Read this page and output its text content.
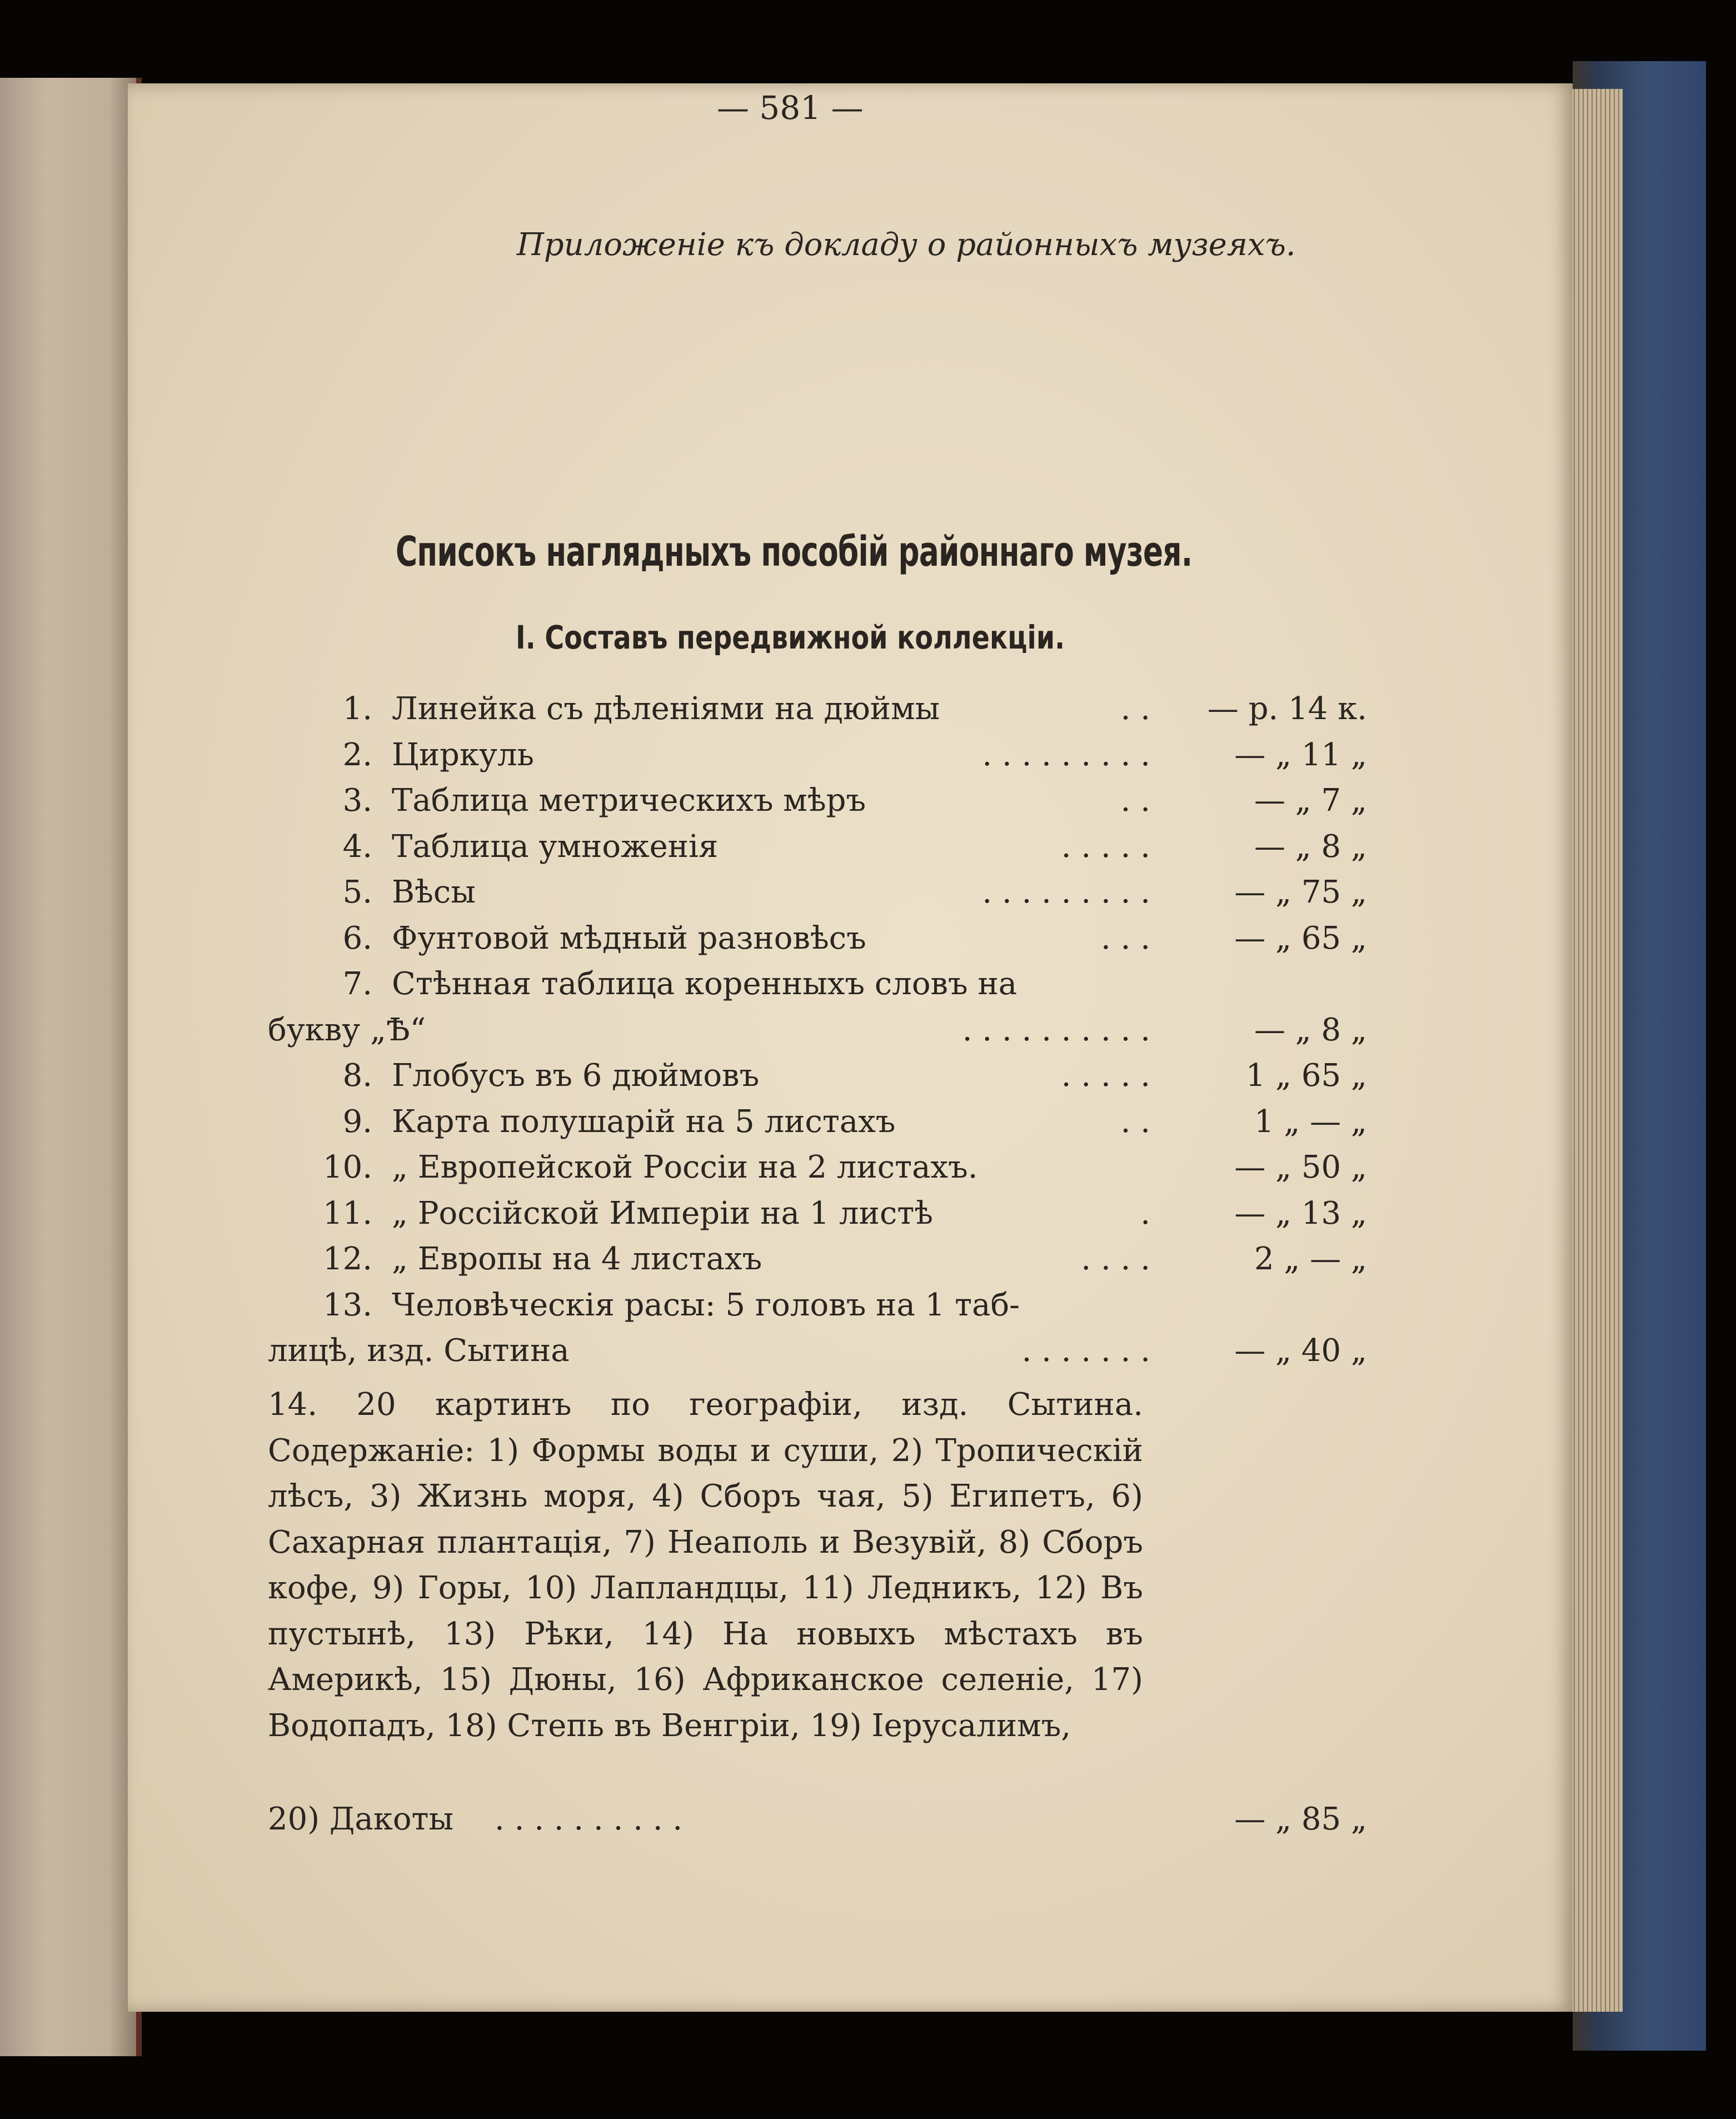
— 581 —
Приложеніе къ докладу о районныхъ музеяхъ.
Списокъ наглядныхъ пособій районнаго музея.
I. Составъ передвижной коллекціи.
1. Линейка съ дѣленіями на дюймы	. .	— р. 14 к.
2. Циркуль	. . . . . . . . .	— „ 11 „
3. Таблица метрическихъ мѣръ	. .	— „ 7 „
4. Таблица умноженія	. . . . .	— „ 8 „
5. Вѣсы	. . . . . . . . .	— „ 75 „
6. Фунтовой мѣдный разновѣсъ	. . .	— „ 65 „
7. Стѣнная таблица коренныхъ словъ на
букву „Ѣ“	. . . . . . . . . .	— „ 8 „
8. Глобусъ въ 6 дюймовъ	. . . . .	1 „ 65 „
9. Карта полушарій на 5 листахъ	. .	1 „ — „
10. „ Европейской Россіи на 2 листахъ.	— „ 50 „
11. „ Россійской Имперіи на 1 листѣ	.	— „ 13 „
12. „ Европы на 4 листахъ	. . . .	2 „ — „
13. Человѣческія расы: 5 головъ на 1 таб-
лицѣ, изд. Сытина	. . . . . . .	— „ 40 „
14. 20 картинъ по географіи, изд. Сытина. Содержаніе: 1) Формы воды и суши, 2) Тропическій лѣсъ, 3) Жизнь моря, 4) Сборъ чая, 5) Египетъ, 6) Сахарная плантація, 7) Неаполь и Везувій, 8) Сборъ кофе, 9) Горы, 10) Лапландцы, 11) Ледникъ, 12) Въ пустынѣ, 13) Рѣки, 14) На новыхъ мѣстахъ въ Америкѣ, 15) Дюны, 16) Африканское селеніе, 17) Водопадъ, 18) Степь въ Венгріи, 19) Іерусалимъ,
20) Дакоты . . . . . . . . . .	— „ 85 „
